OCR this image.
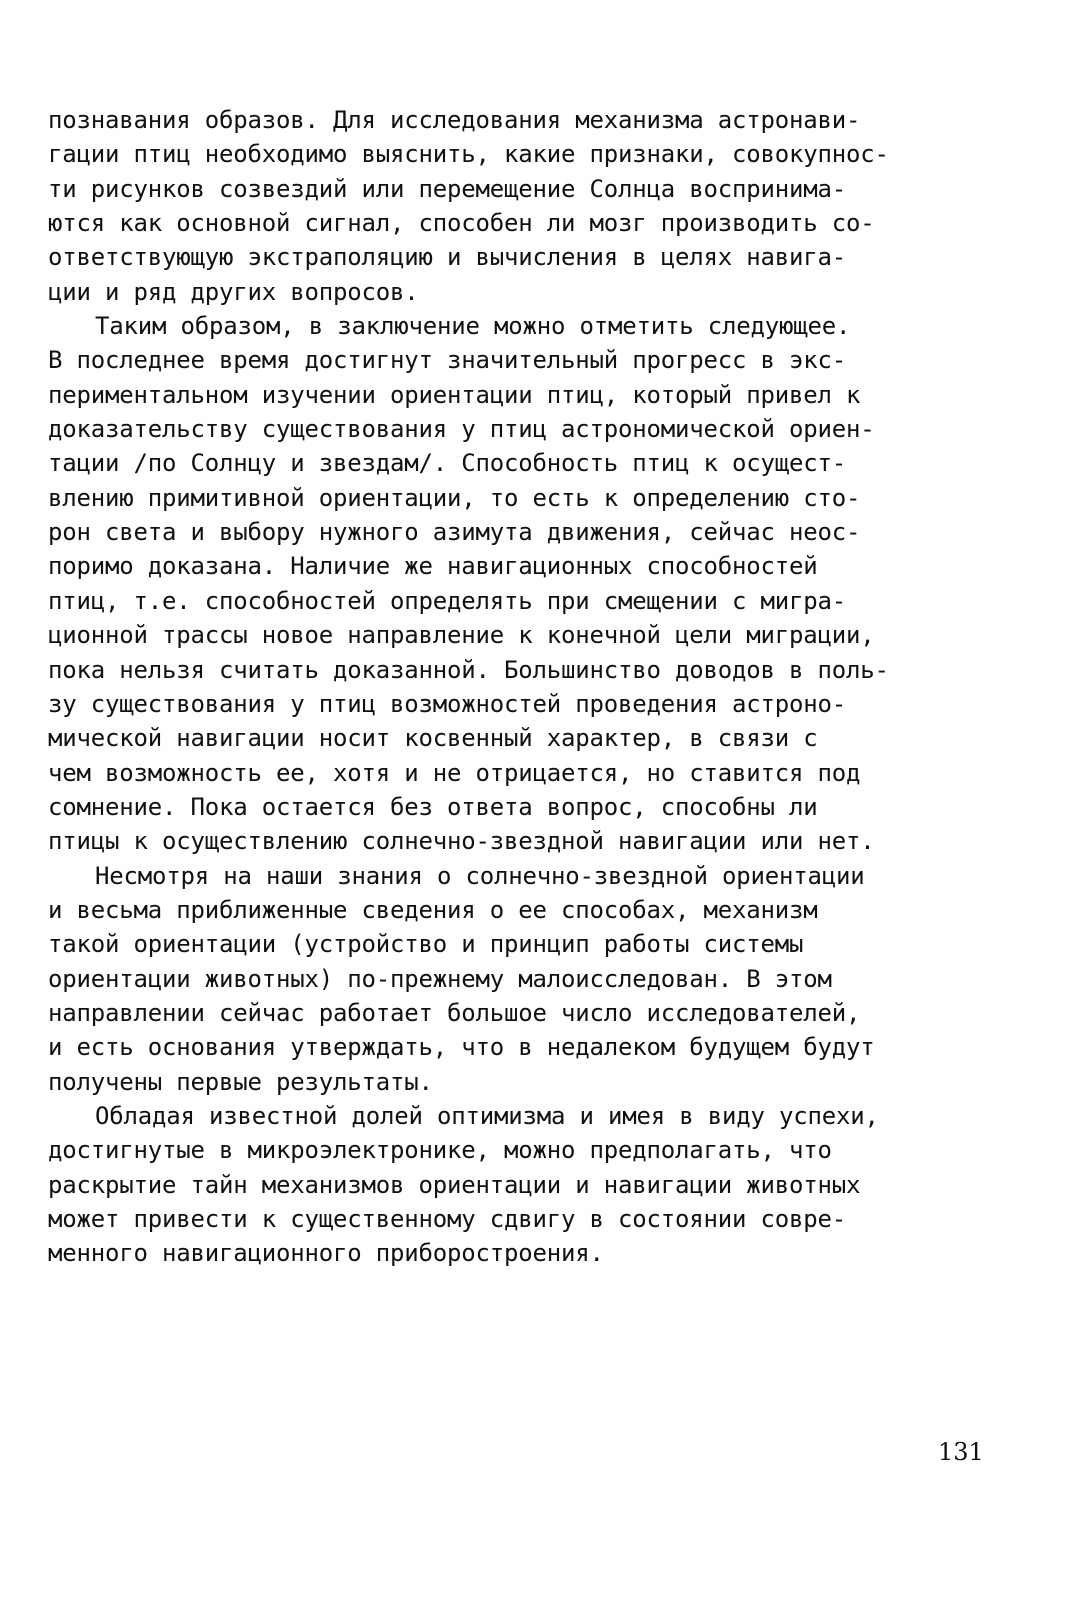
познавания образов. Для исследования механизма астронави-
гации птиц необходимо выяснить, какие признаки, совокупнос-
ти рисунков созвездий или перемещение Солнца воспринима-
ются как основной сигнал, способен ли мозг производить со-
ответствующую экстраполяцию и вычисления в целях навига-
ции и ряд других вопросов.
Таким образом, в заключение можно отметить следующее.
В последнее время достигнут значительный прогресс в экс-
периментальном изучении ориентации птиц, который привел к
доказательству существования у птиц астрономической ориен-
тации /по Солнцу и звездам/. Способность птиц к осущест-
влению примитивной ориентации, то есть к определению сто-
рон света и выбору нужного азимута движения, сейчас неос-
поримо доказана. Наличие же навигационных способностей
птиц, т.е. способностей определять при смещении с мигра-
ционной трассы новое направление к конечной цели миграции,
пока нельзя считать доказанной. Большинство доводов в поль-
зу существования у птиц возможностей проведения астроно-
мической навигации носит косвенный характер, в связи с
чем возможность ее, хотя и не отрицается, но ставится под
сомнение. Пока остается без ответа вопрос, способны ли
птицы к осуществлению солнечно-звездной навигации или нет.
Несмотря на наши знания о солнечно-звездной ориентации
и весьма приближенные сведения о ее способах, механизм
такой ориентации (устройство и принцип работы системы
ориентации животных) по-прежнему малоисследован. В этом
направлении сейчас работает большое число исследователей,
и есть основания утверждать, что в недалеком будущем будут
получены первые результаты.
Обладая известной долей оптимизма и имея в виду успехи,
достигнутые в микроэлектронике, можно предполагать, что
раскрытие тайн механизмов ориентации и навигации животных
может привести к существенному сдвигу в состоянии совре-
менного навигационного приборостроения.
131
